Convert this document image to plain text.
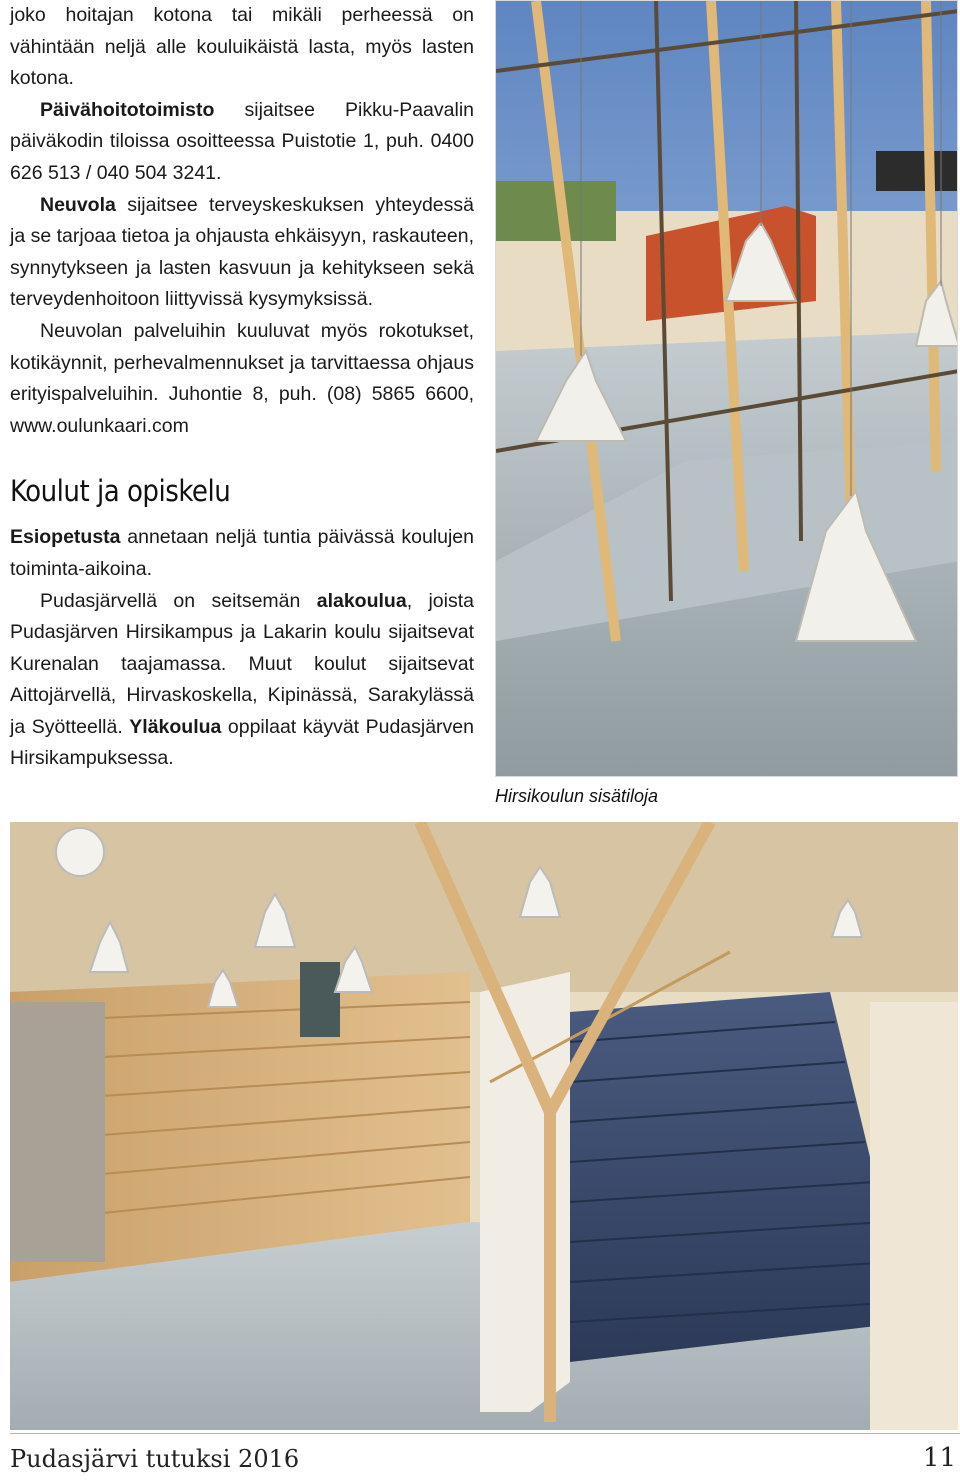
joko hoitajan kotona tai mikäli perheessä on vähintään neljä alle kouluikäistä lasta, myös lasten kotona.

Päivähoitotoimisto sijaitsee Pikku-Paavalin päiväkodin tiloissa osoitteessa Puistotie 1, puh. 0400 626 513 / 040 504 3241.

Neuvola sijaitsee terveyskeskuksen yhteydessä ja se tarjoaa tietoa ja ohjausta ehkäisyyn, raskauteen, synnytykseen ja lasten kasvuun ja kehitykseen sekä terveydenhoitoon liittyvissä kysymyksissä.

Neuvolan palveluihin kuuluvat myös rokotukset, kotikäynnit, perhevalmennukset ja tarvittaessa ohjaus erityispalveluihin. Juhontie 8, puh. (08) 5865 6600, www.oulunkaari.com

Koulut ja opiskelu

Esiopetusta annetaan neljä tuntia päivässä koulujen toiminta-aikoina.

Pudasjärvellä on seitsemän alakoulua, joista Pudasjärven Hirsikampus ja Lakarin koulu sijaitsevat Kurenalan taajamassa. Muut koulut sijaitsevat Aittojärvellä, Hirvaskoskella, Kipinässä, Sarakylässä ja Syötteellä. Yläkoulua oppilaat käyvät Pudasjärven Hirsikampuksessa.

Hirsikoulun sisätiloja
Pudasjärvi tutuksi 2016	11
